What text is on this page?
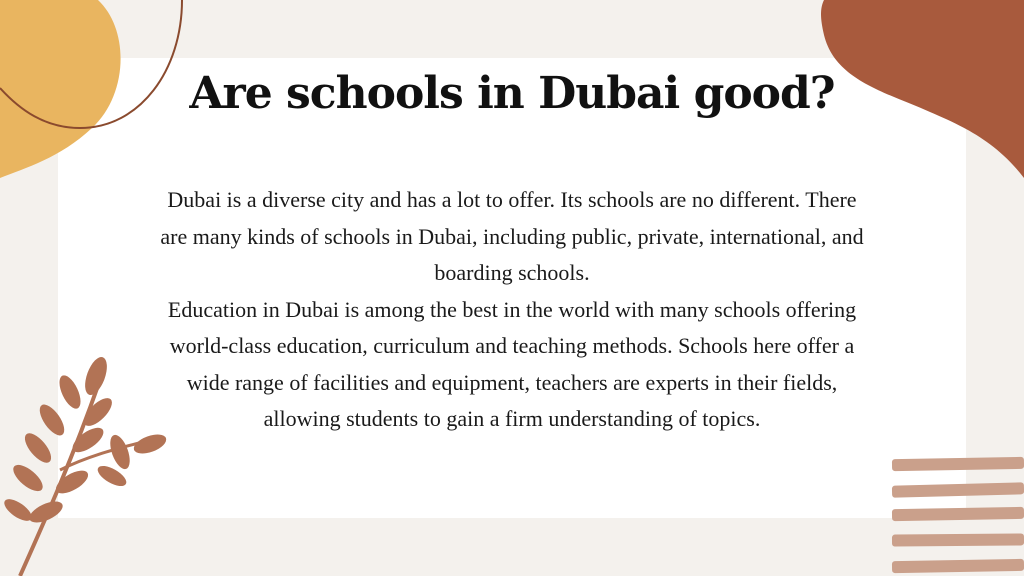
Are schools in Dubai good?

Dubai is a diverse city and has a lot to offer. Its schools are no different. There are many kinds of schools in Dubai, including public, private, international, and boarding schools.

Education in Dubai is among the best in the world with many schools offering world-class education, curriculum and teaching methods. Schools here offer a wide range of facilities and equipment, teachers are experts in their fields, allowing students to gain a firm understanding of topics.
